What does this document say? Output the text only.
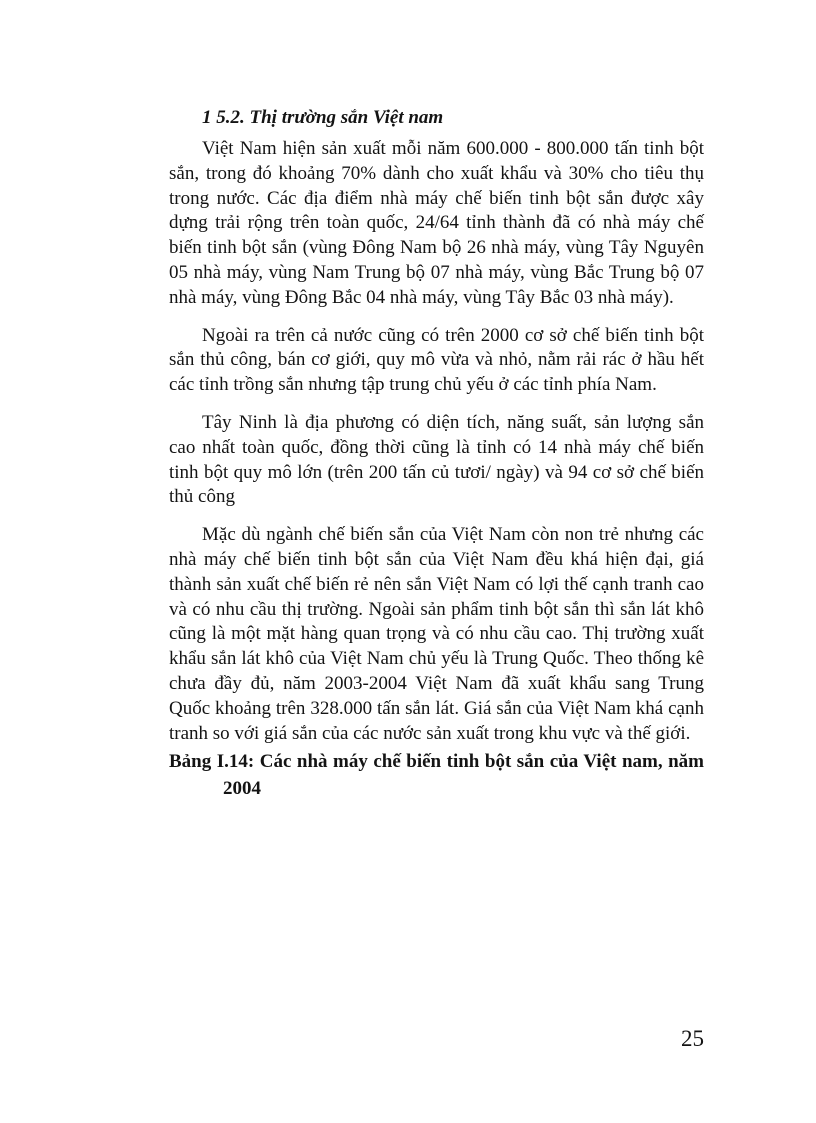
1 5.2. Thị trường sắn Việt nam

Việt Nam hiện sản xuất mỗi năm 600.000 - 800.000 tấn tinh bột sắn, trong đó khoảng 70% dành cho xuất khẩu và 30% cho tiêu thụ trong nước. Các địa điểm nhà máy chế biến tinh bột sắn được xây dựng trải rộng trên toàn quốc, 24/64 tỉnh thành đã có nhà máy chế biến tinh bột sắn (vùng Đông Nam bộ 26 nhà máy, vùng Tây Nguyên 05 nhà máy, vùng Nam Trung bộ 07 nhà máy, vùng Bắc Trung bộ 07 nhà máy, vùng Đông Bắc 04 nhà máy, vùng Tây Bắc 03 nhà máy).

Ngoài ra trên cả nước cũng có trên 2000 cơ sở chế biến tinh bột sắn thủ công, bán cơ giới, quy mô vừa và nhỏ, nằm rải rác ở hầu hết các tỉnh trồng sắn nhưng tập trung chủ yếu ở các tỉnh phía Nam.

Tây Ninh là địa phương có diện tích, năng suất, sản lượng sắn cao nhất toàn quốc, đồng thời cũng là tỉnh có 14 nhà máy chế biến tinh bột quy mô lớn (trên 200 tấn củ tươi/ ngày) và 94 cơ sở chế biến thủ công

Mặc dù ngành chế biến sắn của Việt Nam còn non trẻ nhưng các nhà máy chế biến tinh bột sắn của Việt Nam đều khá hiện đại, giá thành sản xuất chế biến rẻ nên sắn Việt Nam có lợi thế cạnh tranh cao và có nhu cầu thị trường. Ngoài sản phẩm tinh bột sắn thì sắn lát khô cũng là một mặt hàng quan trọng và có nhu cầu cao. Thị trường xuất khẩu sắn lát khô của Việt Nam chủ yếu là Trung Quốc. Theo thống kê chưa đầy đủ, năm 2003-2004 Việt Nam đã xuất khẩu sang Trung Quốc khoảng trên 328.000 tấn sắn lát. Giá sắn của Việt Nam khá cạnh tranh so với giá sắn của các nước sản xuất trong khu vực và thế giới.

Bảng I.14: Các nhà máy chế biến tinh bột sắn của Việt nam, năm 2004
25
